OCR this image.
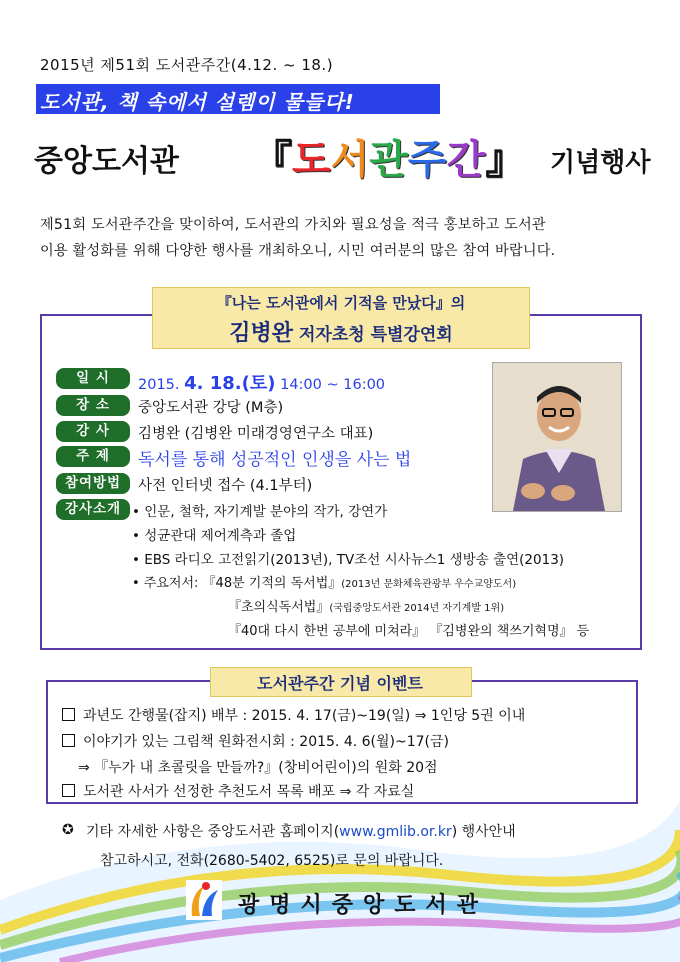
2015년 제51회 도서관주간(4.12. ~ 18.)
도서관, 책 속에서 설렘이 물들다!
중앙도서관 『도서관주간』 기념행사
제51회 도서관주간을 맞이하여, 도서관의 가치와 필요성을 적극 홍보하고 도서관
이용 활성화를 위해 다양한 행사를 개최하오니, 시민 여러분의 많은 참여 바랍니다.
『나는 도서관에서 기적을 만났다』의
김병완 저자초청 특별강연회
일 시	2015. 4. 18.(토) 14:00 ~ 16:00
장 소	중앙도서관 강당 (M층)
강 사	김병완 (김병완 미래경영연구소 대표)
주 제	독서를 통해 성공적인 인생을 사는 법
참여방법	사전 인터넷 접수 (4.1부터)
강사소개 • 인문, 철학, 자기계발 분야의 작가, 강연가
• 성균관대 제어계측과 졸업
• EBS 라디오 고전읽기(2013년), TV조선 시사뉴스1 생방송 출연(2013)
• 주요저서: 『48분 기적의 독서법』(2013년 문화체육관광부 우수교양도서)
『초의식독서법』(국립중앙도서관 2014년 자기계발 1위)
『40대 다시 한번 공부에 미쳐라』 『김병완의 책쓰기혁명』 등
도서관주간 기념 이벤트
과년도 간행물(잡지) 배부 : 2015. 4. 17(금)~19(일) ⇒ 1인당 5권 이내
이야기가 있는 그림책 원화전시회 : 2015. 4. 6(월)~17(금)
⇒ 『누가 내 초콜릿을 만들까?』(창비어린이)의 원화 20점
도서관 사서가 선정한 추천도서 목록 배포 ⇒ 각 자료실
✪ 기타 자세한 사항은 중앙도서관 홈페이지(www.gmlib.or.kr) 행사안내
참고하시고, 전화(2680-5402, 6525)로 문의 바랍니다.
광명시중앙도서관
